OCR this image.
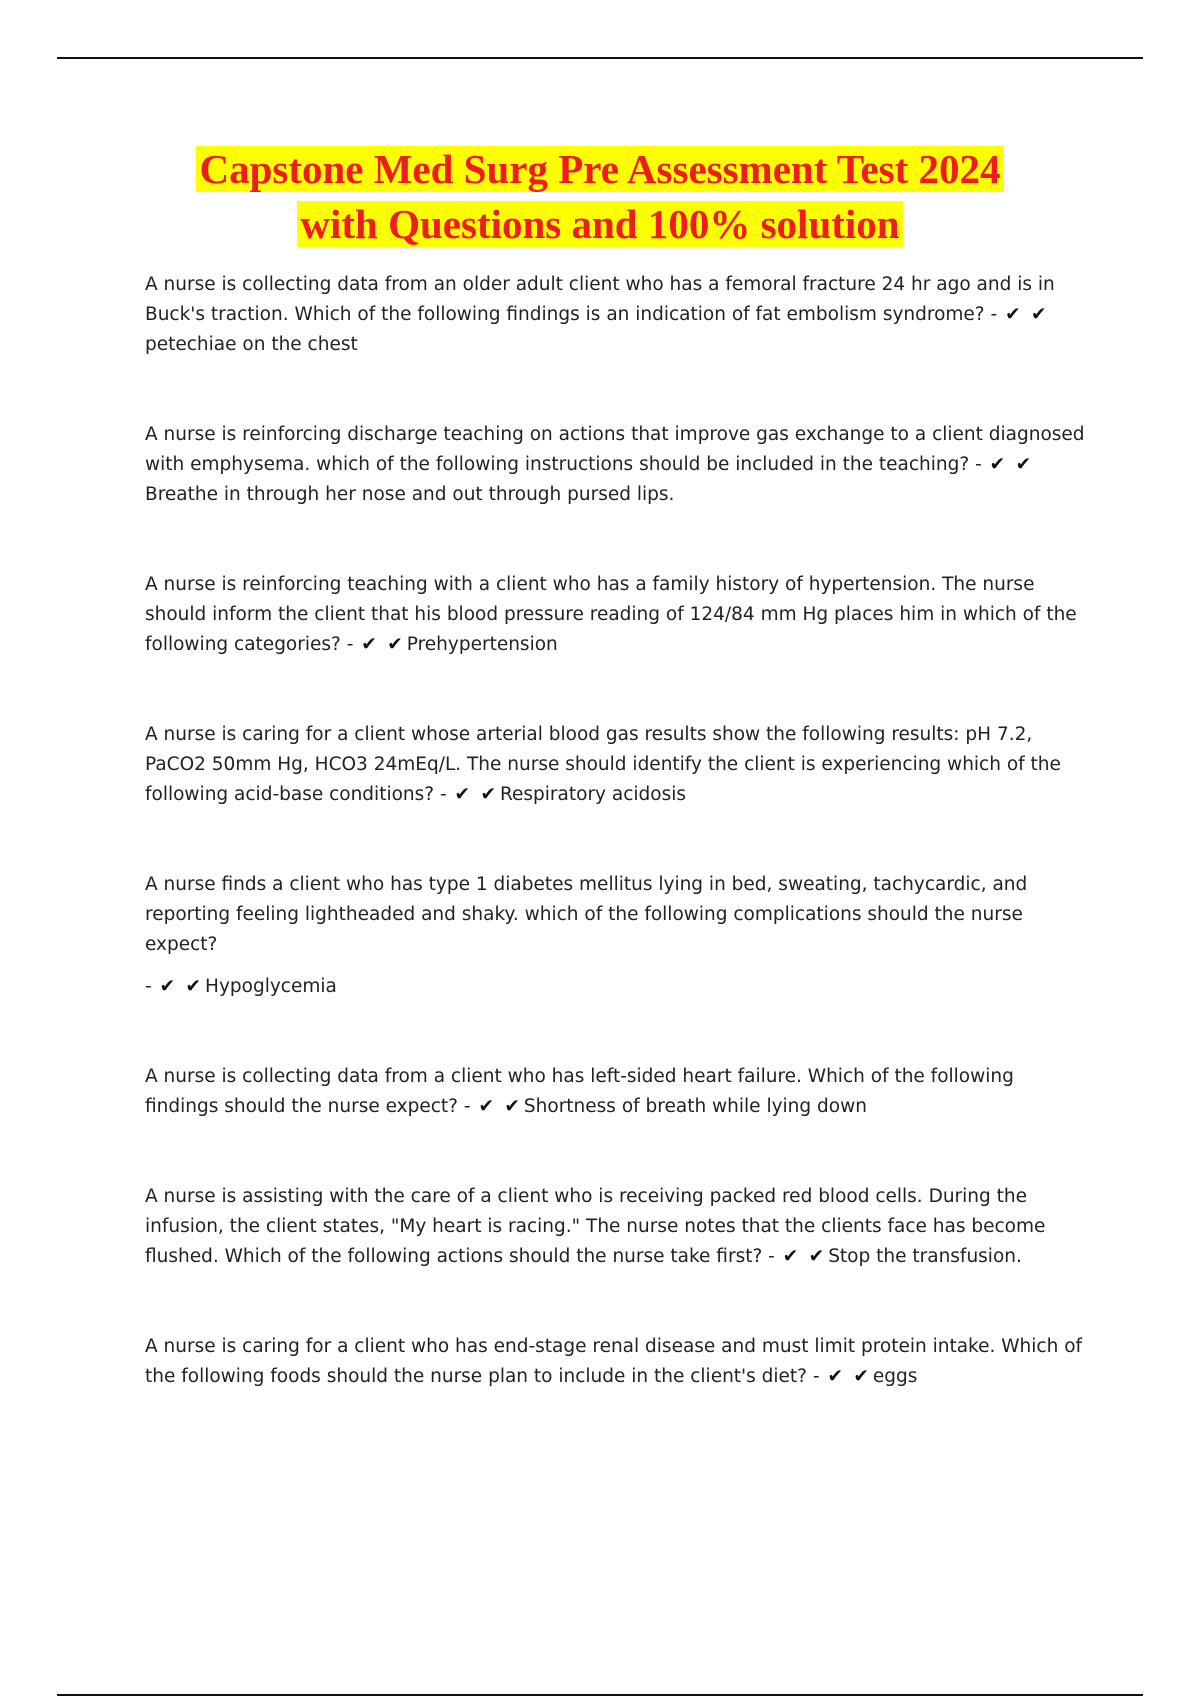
Capstone Med Surg Pre Assessment Test 2024
with Questions and 100% solution

A nurse is collecting data from an older adult client who has a femoral fracture 24 hr ago and is in Buck's traction. Which of the following findings is an indication of fat embolism syndrome? - ✔ ✔petechiae on the chest

A nurse is reinforcing discharge teaching on actions that improve gas exchange to a client diagnosed with emphysema. which of the following instructions should be included in the teaching? - ✔ ✔Breathe in through her nose and out through pursed lips.

A nurse is reinforcing teaching with a client who has a family history of hypertension. The nurse should inform the client that his blood pressure reading of 124/84 mm Hg places him in which of the following categories? - ✔ ✔ Prehypertension

A nurse is caring for a client whose arterial blood gas results show the following results: pH 7.2, PaCO2 50mm Hg, HCO3 24mEq/L. The nurse should identify the client is experiencing which of the following acid-base conditions? - ✔ ✔ Respiratory acidosis

A nurse finds a client who has type 1 diabetes mellitus lying in bed, sweating, tachycardic, and reporting feeling lightheaded and shaky. which of the following complications should the nurse expect?
- ✔ ✔ Hypoglycemia

A nurse is collecting data from a client who has left-sided heart failure. Which of the following findings should the nurse expect? - ✔ ✔ Shortness of breath while lying down

A nurse is assisting with the care of a client who is receiving packed red blood cells. During the infusion, the client states, "My heart is racing." The nurse notes that the clients face has become flushed. Which of the following actions should the nurse take first? - ✔ ✔ Stop the transfusion.

A nurse is caring for a client who has end-stage renal disease and must limit protein intake. Which of the following foods should the nurse plan to include in the client's diet? - ✔ ✔ eggs
